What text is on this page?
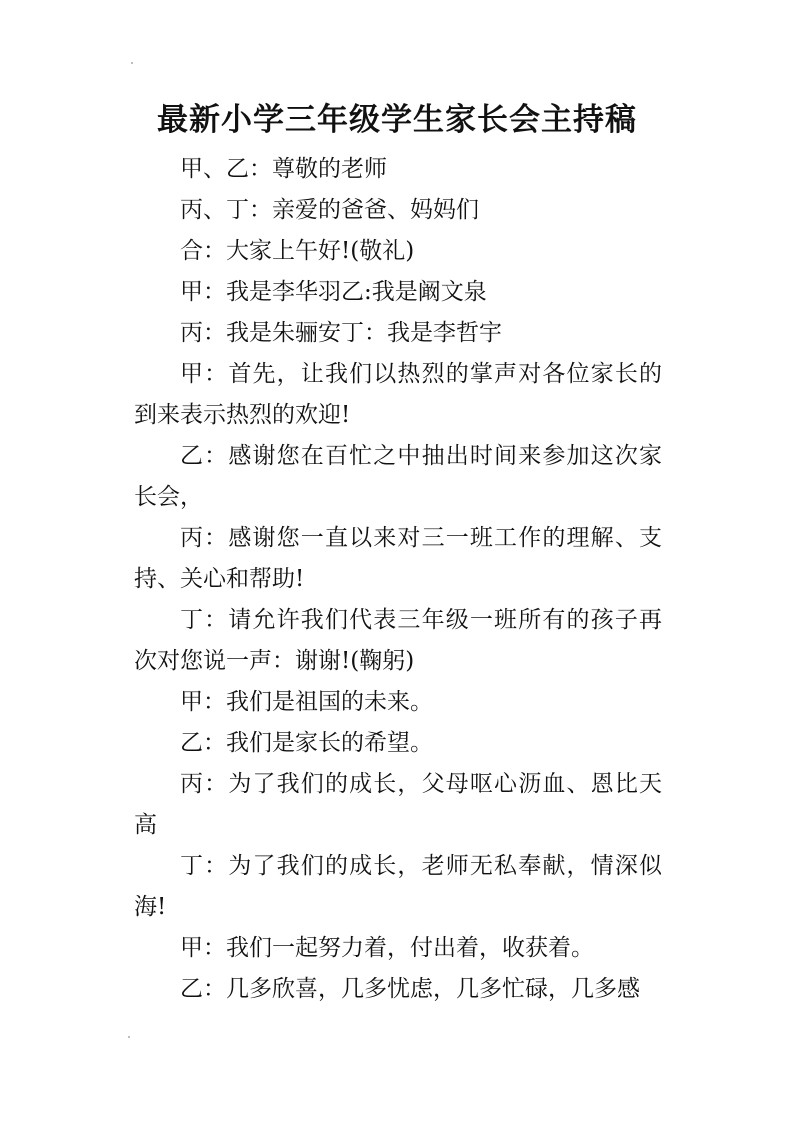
最新小学三年级学生家长会主持稿

甲、乙：尊敬的老师

丙、丁：亲爱的爸爸、妈妈们

合：大家上午好!(敬礼)

甲：我是李华羽乙:我是阚文泉

丙：我是朱骊安丁：我是李哲宇

甲：首先，让我们以热烈的掌声对各位家长的到来表示热烈的欢迎!

乙：感谢您在百忙之中抽出时间来参加这次家长会，

丙：感谢您一直以来对三一班工作的理解、支持、关心和帮助!

丁：请允许我们代表三年级一班所有的孩子再次对您说一声：谢谢!(鞠躬)

甲：我们是祖国的未来。

乙：我们是家长的希望。

丙：为了我们的成长，父母呕心沥血、恩比天高

丁：为了我们的成长，老师无私奉献，情深似海!

甲：我们一起努力着，付出着，收获着。

乙：几多欣喜，几多忧虑，几多忙碌，几多感
